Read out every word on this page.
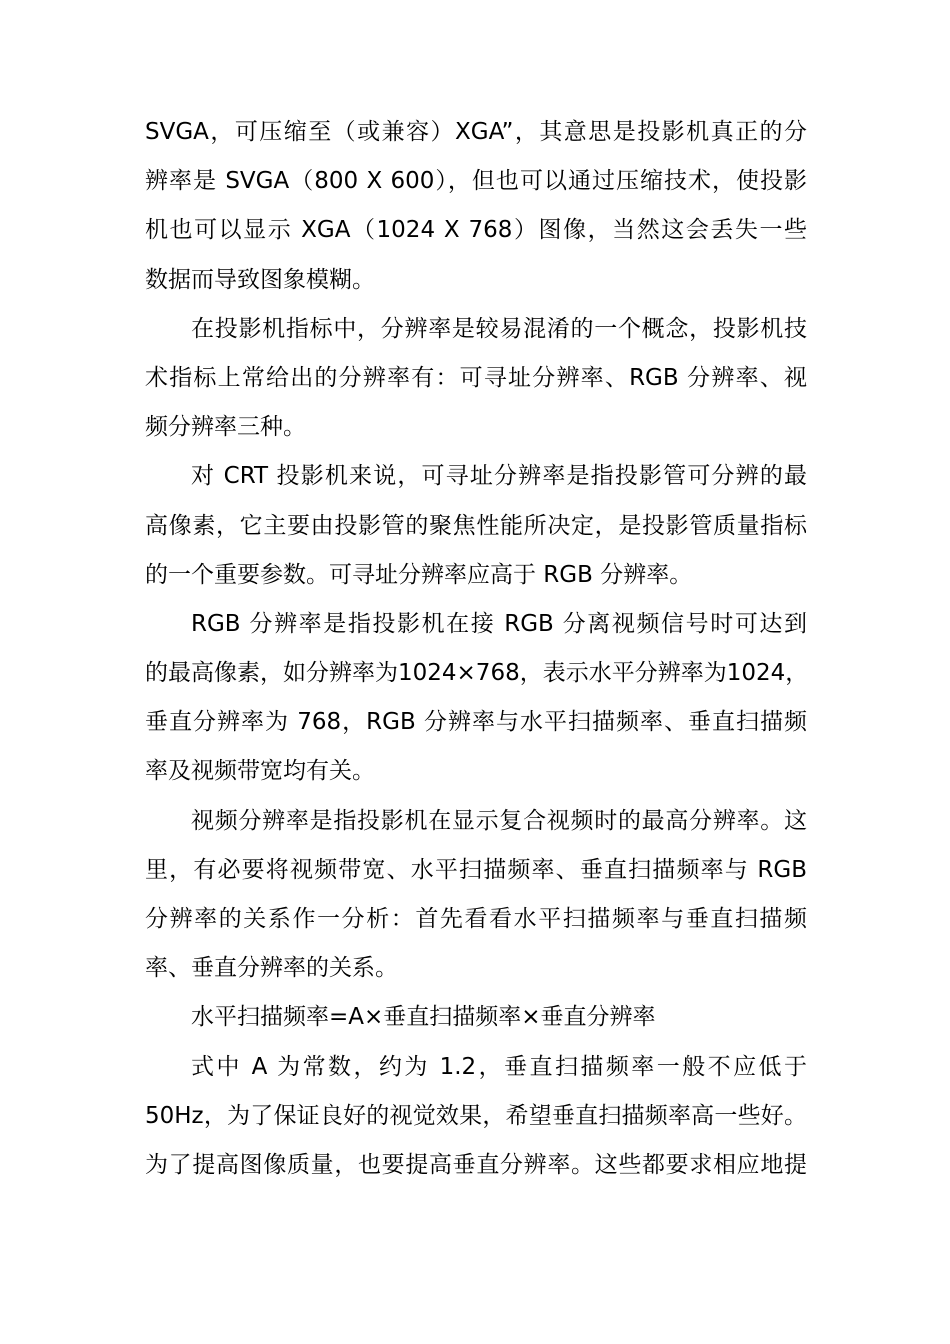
SVGA，可压缩至（或兼容）XGA”，其意思是投影机真正的分
辨率是 SVGA（800 X 600），但也可以通过压缩技术，使投影
机也可以显示 XGA（1024 X 768）图像，当然这会丢失一些
数据而导致图象模糊。
在投影机指标中，分辨率是较易混淆的一个概念，投影机技
术指标上常给出的分辨率有：可寻址分辨率、RGB 分辨率、视
频分辨率三种。
对 CRT 投影机来说，可寻址分辨率是指投影管可分辨的最
高像素，它主要由投影管的聚焦性能所决定，是投影管质量指标
的一个重要参数。可寻址分辨率应高于 RGB 分辨率。
RGB 分辨率是指投影机在接 RGB 分离视频信号时可达到
的最高像素，如分辨率为1024×768，表示水平分辨率为1024，
垂直分辨率为 768，RGB 分辨率与水平扫描频率、垂直扫描频
率及视频带宽均有关。
视频分辨率是指投影机在显示复合视频时的最高分辨率。这
里，有必要将视频带宽、水平扫描频率、垂直扫描频率与 RGB
分辨率的关系作一分析：首先看看水平扫描频率与垂直扫描频
率、垂直分辨率的关系。
水平扫描频率=A×垂直扫描频率×垂直分辨率
式中 A 为常数，约为 1.2，垂直扫描频率一般不应低于
50Hz，为了保证良好的视觉效果，希望垂直扫描频率高一些好。
为了提高图像质量，也要提高垂直分辨率。这些都要求相应地提
